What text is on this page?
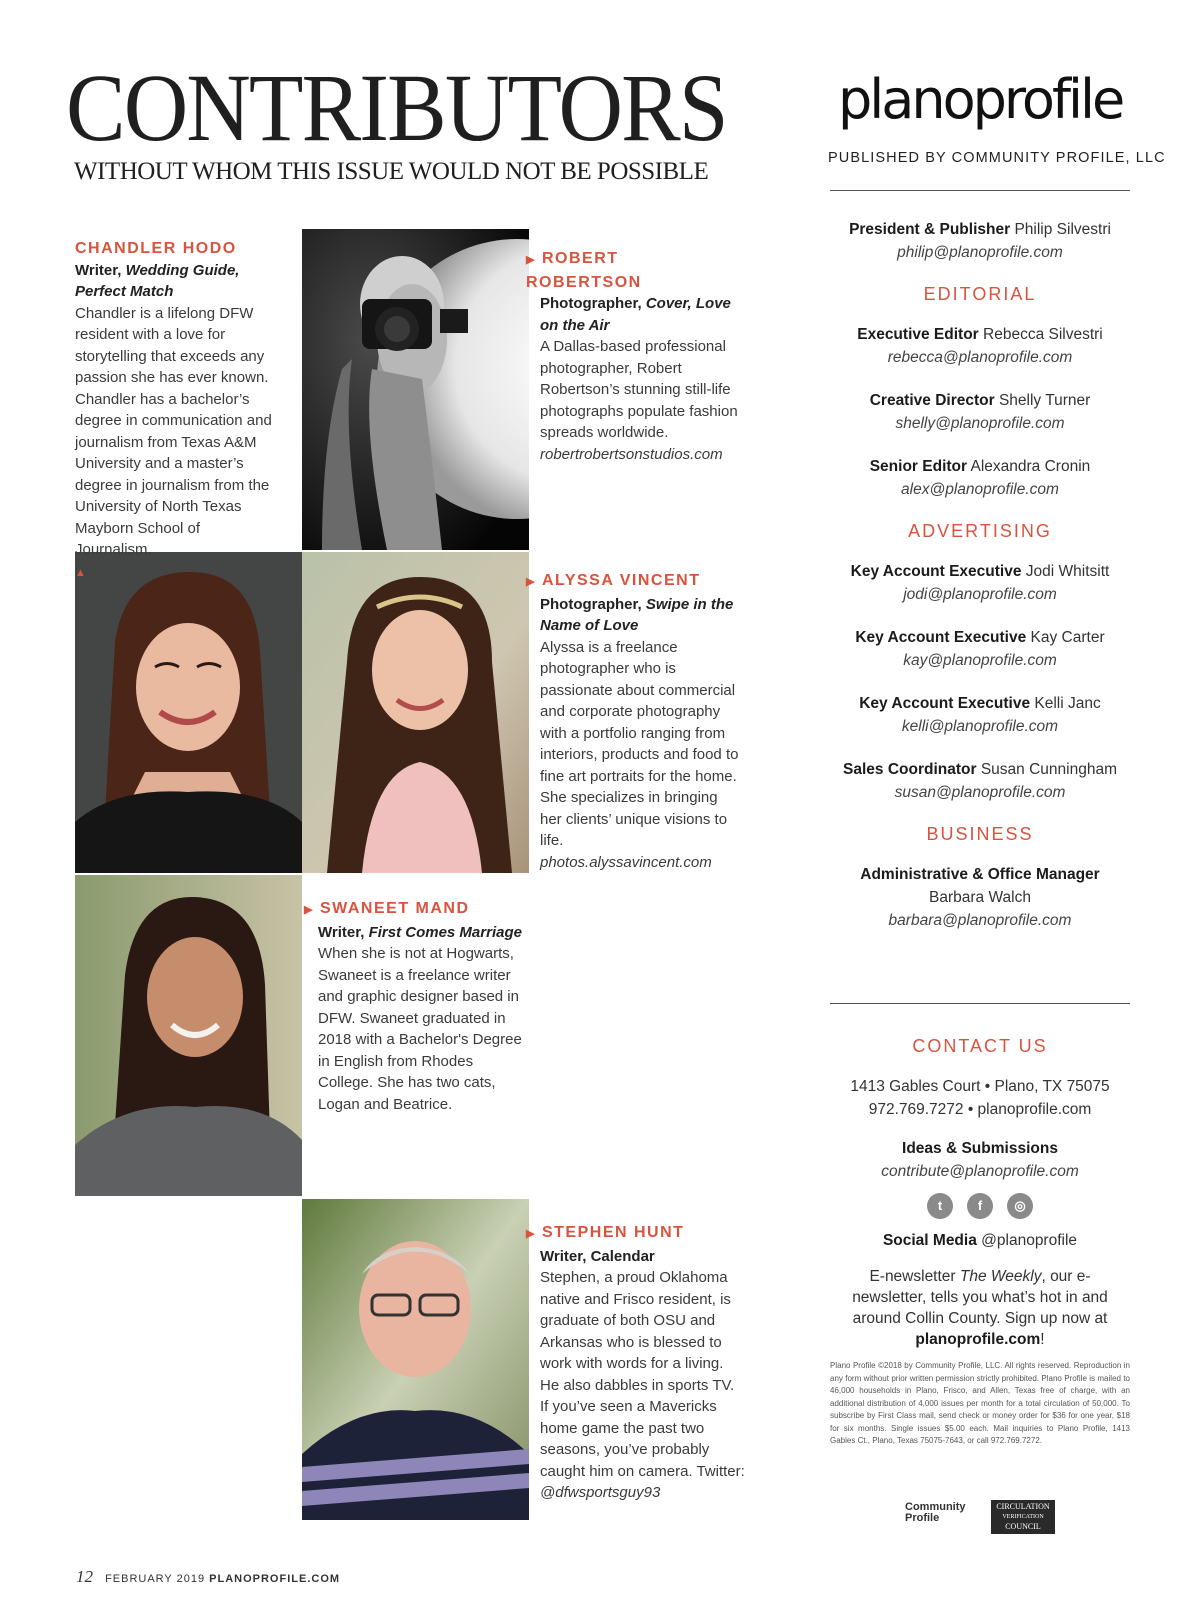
CONTRIBUTORS
WITHOUT WHOM THIS ISSUE WOULD NOT BE POSSIBLE
planoprofile
PUBLISHED BY COMMUNITY PROFILE, LLC
CHANDLER HODO
Writer, Wedding Guide, Perfect Match
Chandler is a lifelong DFW resident with a love for storytelling that exceeds any passion she has ever known. Chandler has a bachelor’s degree in communication and journalism from Texas A&M University and a master’s degree in journalism from the University of North Texas Mayborn School of Journalism.
▲
▶ ROBERT ROBERTSON
Photographer, Cover, Love on the Air
A Dallas-based professional photographer, Robert Robertson’s stunning still-life photographs populate fashion spreads worldwide.
robertrobertsonstudios.com
▶ ALYSSA VINCENT
Photographer, Swipe in the Name of Love
Alyssa is a freelance photographer who is passionate about commercial and corporate photography with a portfolio ranging from interiors, products and food to fine art portraits for the home. She specializes in bringing her clients’ unique visions to life.
photos.alyssavincent.com
▶ SWANEET MAND
Writer, First Comes Marriage
When she is not at Hogwarts, Swaneet is a freelance writer and graphic designer based in DFW. Swaneet graduated in 2018 with a Bachelor's Degree in English from Rhodes College. She has two cats, Logan and Beatrice.
▶ STEPHEN HUNT
Writer, Calendar
Stephen, a proud Oklahoma native and Frisco resident, is graduate of both OSU and Arkansas who is blessed to work with words for a living. He also dabbles in sports TV. If you’ve seen a Mavericks home game the past two seasons, you’ve probably caught him on camera. Twitter: @dfwsportsguy93
President & Publisher Philip Silvestri
philip@planoprofile.com
EDITORIAL
Executive Editor Rebecca Silvestri
rebecca@planoprofile.com
Creative Director Shelly Turner
shelly@planoprofile.com
Senior Editor Alexandra Cronin
alex@planoprofile.com
ADVERTISING
Key Account Executive Jodi Whitsitt
jodi@planoprofile.com
Key Account Executive Kay Carter
kay@planoprofile.com
Key Account Executive Kelli Janc
kelli@planoprofile.com
Sales Coordinator Susan Cunningham
susan@planoprofile.com
BUSINESS
Administrative & Office Manager
Barbara Walch
barbara@planoprofile.com
CONTACT US
1413 Gables Court • Plano, TX 75075
972.769.7272 • planoprofile.com
Ideas & Submissions
contribute@planoprofile.com
t	f	◎
Social Media @planoprofile
E-newsletter The Weekly, our e-newsletter, tells you what’s hot in and around Collin County. Sign up now at planoprofile.com!
Plano Profile ©2018 by Community Profile, LLC. All rights reserved. Reproduction in any form without prior written permission strictly prohibited. Plano Profile is mailed to 46,000 households in Plano, Frisco, and Allen, Texas free of charge, with an additional distribution of 4,000 issues per month for a total circulation of 50,000. To subscribe by First Class mail, send check or money order for $36 for one year, $18 for six months. Single issues $5.00 each. Mail inquiries to Plano Profile, 1413 Gables Ct., Plano, Texas 75075-7643, or call 972.769.7272.
Community Profile
CIRCULATION
VERIFICATION
COUNCIL
12 FEBRUARY 2019 PLANOPROFILE.COM
